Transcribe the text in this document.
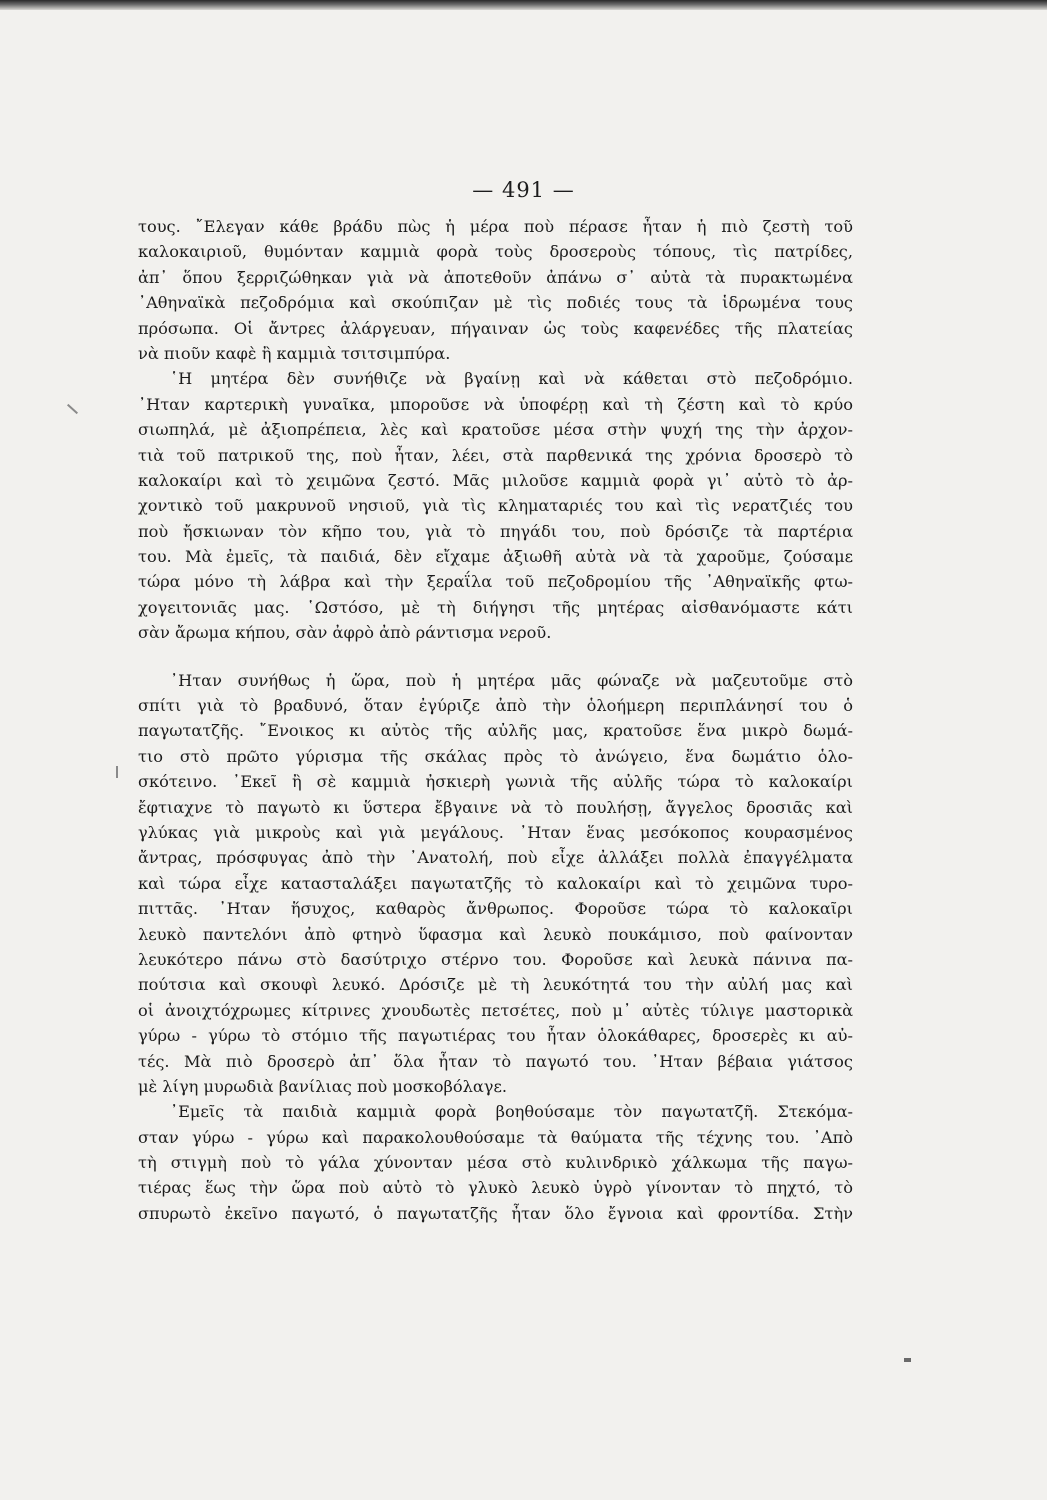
— 491 —
τους. ῎Ελεγαν κάθε βράδυ πὼς ἡ μέρα ποὺ πέρασε ἦταν ἡ πιὸ ζεστὴ τοῦ
καλοκαιριοῦ, θυμόνταν καμμιὰ φορὰ τοὺς δροσεροὺς τόπους, τὶς πατρίδες,
ἀπ᾽ ὅπου ξερριζώθηκαν γιὰ νὰ ἀποτεθοῦν ἀπάνω σ᾽ αὐτὰ τὰ πυρακτωμένα
᾽Αθηναϊκὰ πεζοδρόμια καὶ σκούπιζαν μὲ τὶς ποδιές τους τὰ ἱδρωμένα τους
πρόσωπα. Οἱ ἄντρες ἀλάργευαν, πήγαιναν ὡς τοὺς καφενέδες τῆς πλατείας
νὰ πιοῦν καφὲ ἢ καμμιὰ τσιτσιμπύρα.
῾Η μητέρα δὲν συνήθιζε νὰ βγαίνῃ καὶ νὰ κάθεται στὸ πεζοδρόμιο.
᾽Ηταν καρτερικὴ γυναῖκα, μποροῦσε νὰ ὑποφέρῃ καὶ τὴ ζέστη καὶ τὸ κρύο
σιωπηλά, μὲ ἀξιοπρέπεια, λὲς καὶ κρατοῦσε μέσα στὴν ψυχή της τὴν ἀρχον-
τιὰ τοῦ πατρικοῦ της, ποὺ ἦταν, λέει, στὰ παρθενικά της χρόνια δροσερὸ τὸ
καλοκαίρι καὶ τὸ χειμῶνα ζεστό. Μᾶς μιλοῦσε καμμιὰ φορὰ γι᾽ αὐτὸ τὸ ἀρ-
χοντικὸ τοῦ μακρυνοῦ νησιοῦ, γιὰ τὶς κληματαριές του καὶ τὶς νερατζιές του
ποὺ ἤσκιωναν τὸν κῆπο του, γιὰ τὸ πηγάδι του, ποὺ δρόσιζε τὰ παρτέρια
του. Μὰ ἐμεῖς, τὰ παιδιά, δὲν εἴχαμε ἀξιωθῆ αὐτὰ νὰ τὰ χαροῦμε, ζούσαμε
τώρα μόνο τὴ λάβρα καὶ τὴν ξεραΐλα τοῦ πεζοδρομίου τῆς ᾽Αθηναϊκῆς φτω-
χογειτονιᾶς μας. ῾Ωστόσο, μὲ τὴ διήγησι τῆς μητέρας αἰσθανόμαστε κάτι
σὰν ἄρωμα κήπου, σὰν ἀφρὸ ἀπὸ ράντισμα νεροῦ.
᾽Ηταν συνήθως ἡ ὥρα, ποὺ ἡ μητέρα μᾶς φώναζε νὰ μαζευτοῦμε στὸ
σπίτι γιὰ τὸ βραδυνό, ὅταν ἐγύριζε ἀπὸ τὴν ὁλοήμερη περιπλάνησί του ὁ
παγωτατζῆς. ῎Ενοικος κι αὐτὸς τῆς αὐλῆς μας, κρατοῦσε ἕνα μικρὸ δωμά-
τιο στὸ πρῶτο γύρισμα τῆς σκάλας πρὸς τὸ ἀνώγειο, ἕνα δωμάτιο ὁλο-
σκότεινο. ᾽Εκεῖ ἢ σὲ καμμιὰ ἠσκιερὴ γωνιὰ τῆς αὐλῆς τώρα τὸ καλοκαίρι
ἔφτιαχνε τὸ παγωτὸ κι ὕστερα ἔβγαινε νὰ τὸ πουλήσῃ, ἄγγελος δροσιᾶς καὶ
γλύκας γιὰ μικροὺς καὶ γιὰ μεγάλους. ᾽Ηταν ἕνας μεσόκοπος κουρασμένος
ἄντρας, πρόσφυγας ἀπὸ τὴν ᾽Ανατολή, ποὺ εἶχε ἀλλάξει πολλὰ ἐπαγγέλματα
καὶ τώρα εἶχε κατασταλάξει παγωτατζῆς τὸ καλοκαίρι καὶ τὸ χειμῶνα τυρο-
πιττᾶς. ᾽Ηταν ἥσυχος, καθαρὸς ἄνθρωπος. Φοροῦσε τώρα τὸ καλοκαῖρι
λευκὸ παντελόνι ἀπὸ φτηνὸ ὕφασμα καὶ λευκὸ πουκάμισο, ποὺ φαίνονταν
λευκότερο πάνω στὸ δασύτριχο στέρνο του. Φοροῦσε καὶ λευκὰ πάνινα πα-
πούτσια καὶ σκουφὶ λευκό. Δρόσιζε μὲ τὴ λευκότητά του τὴν αὐλή μας καὶ
οἱ ἀνοιχτόχρωμες κίτρινες χνουδωτὲς πετσέτες, ποὺ μ᾽ αὐτὲς τύλιγε μαστορικὰ
γύρω - γύρω τὸ στόμιο τῆς παγωτιέρας του ἦταν ὁλοκάθαρες, δροσερὲς κι αὐ-
τές. Μὰ πιὸ δροσερὸ ἀπ᾽ ὅλα ἦταν τὸ παγωτό του. ᾽Ηταν βέβαια γιάτσος
μὲ λίγη μυρωδιὰ βανίλιας ποὺ μοσκοβόλαγε.
᾽Εμεῖς τὰ παιδιὰ καμμιὰ φορὰ βοηθούσαμε τὸν παγωτατζῆ. Στεκόμα-
σταν γύρω - γύρω καὶ παρακολουθούσαμε τὰ θαύματα τῆς τέχνης του. ᾽Απὸ
τὴ στιγμὴ ποὺ τὸ γάλα χύνονταν μέσα στὸ κυλινδρικὸ χάλκωμα τῆς παγω-
τιέρας ἕως τὴν ὥρα ποὺ αὐτὸ τὸ γλυκὸ λευκὸ ὑγρὸ γίνονταν τὸ πηχτό, τὸ
σπυρωτὸ ἐκεῖνο παγωτό, ὁ παγωτατζῆς ἦταν ὅλο ἔγνοια καὶ φροντίδα. Στὴν
